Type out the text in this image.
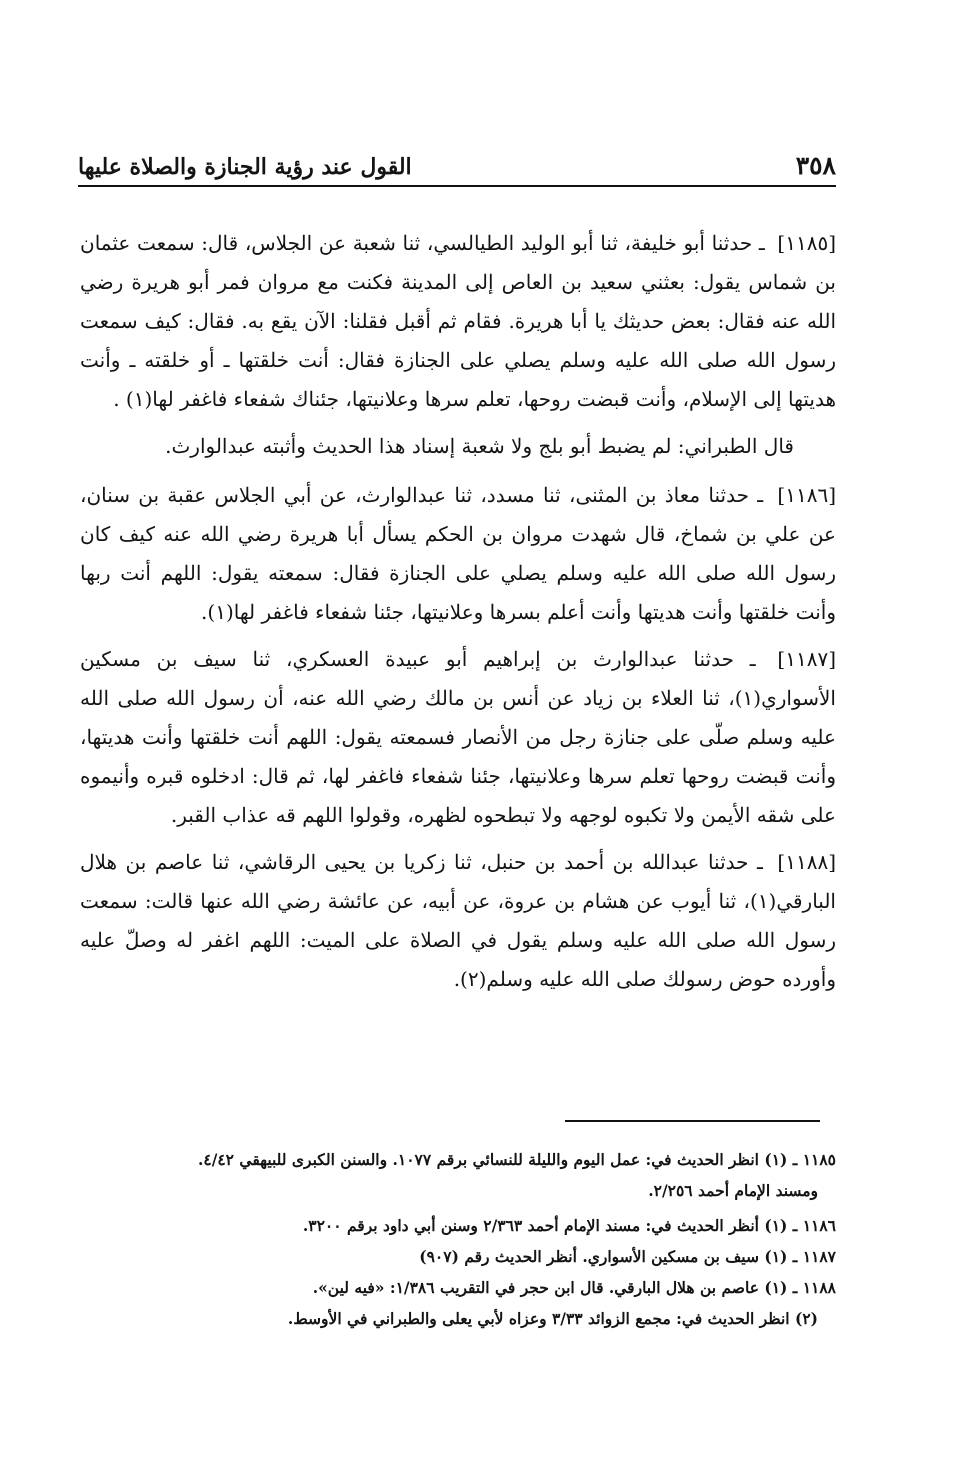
٣٥٨
القول عند رؤية الجنازة والصلاة عليها

[١١٨٥] ـ حدثنا أبو خليفة، ثنا أبو الوليد الطيالسي، ثنا شعبة عن الجلاس، قال: سمعت عثمان بن شماس يقول: بعثني سعيد بن العاص إلى المدينة فكنت مع مروان فمر أبو هريرة رضي الله عنه فقال: بعض حديثك يا أبا هريرة. فقام ثم أقبل فقلنا: الآن يقع به. فقال: كيف سمعت رسول الله صلى الله عليه وسلم يصلي على الجنازة فقال: أنت خلقتها ـ أو خلقته ـ وأنت هديتها إلى الإسلام، وأنت قبضت روحها، تعلم سرها وعلانيتها، جئناك شفعاء فاغفر لها(١) .

قال الطبراني: لم يضبط أبو بلج ولا شعبة إسناد هذا الحديث وأثبته عبدالوارث.

[١١٨٦] ـ حدثنا معاذ بن المثنى، ثنا مسدد، ثنا عبدالوارث، عن أبي الجلاس عقبة بن سنان، عن علي بن شماخ، قال شهدت مروان بن الحكم يسأل أبا هريرة رضي الله عنه كيف كان رسول الله صلى الله عليه وسلم يصلي على الجنازة فقال: سمعته يقول: اللهم أنت ربها وأنت خلقتها وأنت هديتها وأنت أعلم بسرها وعلانيتها، جئنا شفعاء فاغفر لها(١).

[١١٨٧] ـ حدثنا عبدالوارث بن إبراهيم أبو عبيدة العسكري، ثنا سيف بن مسكين الأسواري(١)، ثنا العلاء بن زياد عن أنس بن مالك رضي الله عنه، أن رسول الله صلى الله عليه وسلم صلّى على جنازة رجل من الأنصار فسمعته يقول: اللهم أنت خلقتها وأنت هديتها، وأنت قبضت روحها تعلم سرها وعلانيتها، جئنا شفعاء فاغفر لها، ثم قال: ادخلوه قبره وأنيموه على شقه الأيمن ولا تكبوه لوجهه ولا تبطحوه لظهره، وقولوا اللهم قه عذاب القبر.

[١١٨٨] ـ حدثنا عبدالله بن أحمد بن حنبل، ثنا زكريا بن يحيى الرقاشي، ثنا عاصم بن هلال البارقي(١)، ثنا أيوب عن هشام بن عروة، عن أبيه، عن عائشة رضي الله عنها قالت: سمعت رسول الله صلى الله عليه وسلم يقول في الصلاة على الميت: اللهم اغفر له وصلّ عليه وأورده حوض رسولك صلى الله عليه وسلم(٢).

١١٨٥ ـ (١) انظر الحديث في: عمل اليوم والليلة للنسائي برقم ١٠٧٧. والسنن الكبرى للبيهقي ٤/٤٢.

ومسند الإمام أحمد ٢/٢٥٦.

١١٨٦ ـ (١) أنظر الحديث في: مسند الإمام أحمد ٢/٣٦٣ وسنن أبي داود برقم ٣٢٠٠.

١١٨٧ ـ (١) سيف بن مسكين الأسواري. أنظر الحديث رقم (٩٠٧)

١١٨٨ ـ (١) عاصم بن هلال البارقي. قال ابن حجر في التقريب ١/٣٨٦: «فيه لين».

(٢) انظر الحديث في: مجمع الزوائد ٣/٣٣ وعزاه لأبي يعلى والطبراني في الأوسط.
